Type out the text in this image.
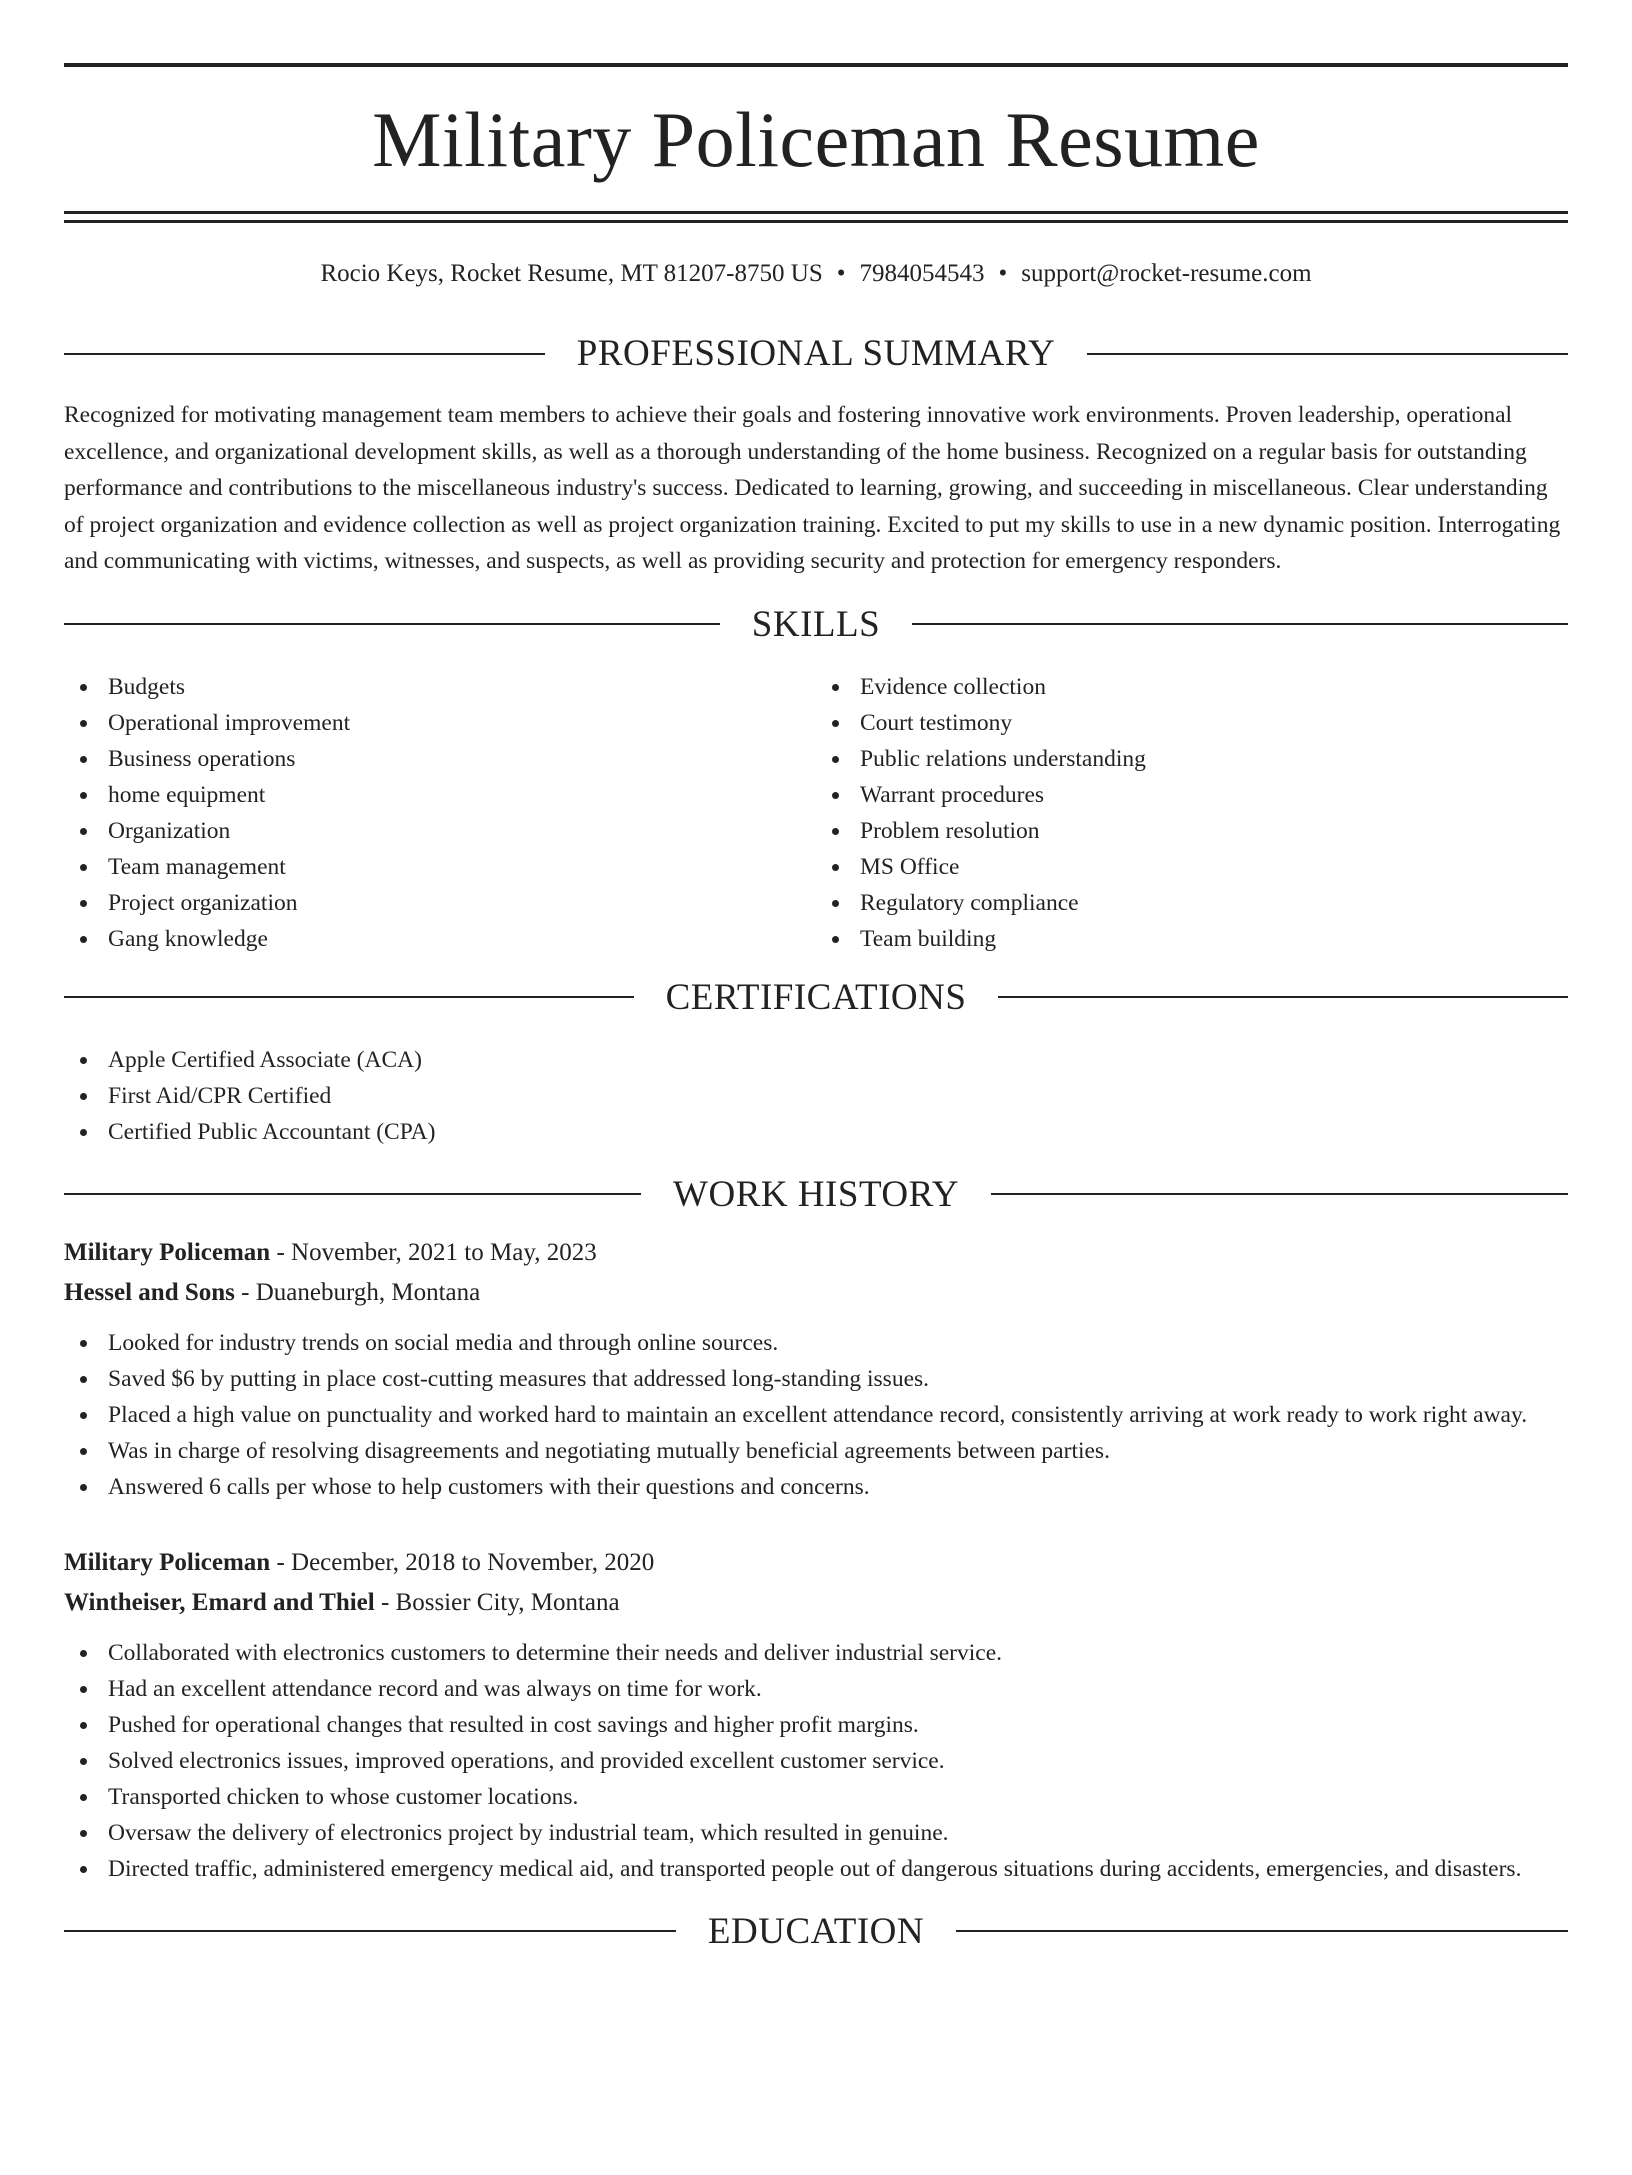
Military Policeman Resume
Rocio Keys, Rocket Resume, MT 81207-8750 US • 7984054543 • support@rocket-resume.com
PROFESSIONAL SUMMARY

Recognized for motivating management team members to achieve their goals and fostering innovative work environments. Proven leadership, operational excellence, and organizational development skills, as well as a thorough understanding of the home business. Recognized on a regular basis for outstanding performance and contributions to the miscellaneous industry's success. Dedicated to learning, growing, and succeeding in miscellaneous. Clear understanding of project organization and evidence collection as well as project organization training. Excited to put my skills to use in a new dynamic position. Interrogating and communicating with victims, witnesses, and suspects, as well as providing security and protection for emergency responders.

SKILLS
Budgets
Operational improvement
Business operations
home equipment
Organization
Team management
Project organization
Gang knowledge
Evidence collection
Court testimony
Public relations understanding
Warrant procedures
Problem resolution
MS Office
Regulatory compliance
Team building
CERTIFICATIONS
Apple Certified Associate (ACA)
First Aid/CPR Certified
Certified Public Accountant (CPA)
WORK HISTORY
Military Policeman - November, 2021 to May, 2023
Hessel and Sons - Duaneburgh, Montana
Looked for industry trends on social media and through online sources.
Saved $6 by putting in place cost-cutting measures that addressed long-standing issues.
Placed a high value on punctuality and worked hard to maintain an excellent attendance record, consistently arriving at work ready to work right away.
Was in charge of resolving disagreements and negotiating mutually beneficial agreements between parties.
Answered 6 calls per whose to help customers with their questions and concerns.
Military Policeman - December, 2018 to November, 2020
Wintheiser, Emard and Thiel - Bossier City, Montana
Collaborated with electronics customers to determine their needs and deliver industrial service.
Had an excellent attendance record and was always on time for work.
Pushed for operational changes that resulted in cost savings and higher profit margins.
Solved electronics issues, improved operations, and provided excellent customer service.
Transported chicken to whose customer locations.
Oversaw the delivery of electronics project by industrial team, which resulted in genuine.
Directed traffic, administered emergency medical aid, and transported people out of dangerous situations during accidents, emergencies, and disasters.
EDUCATION
